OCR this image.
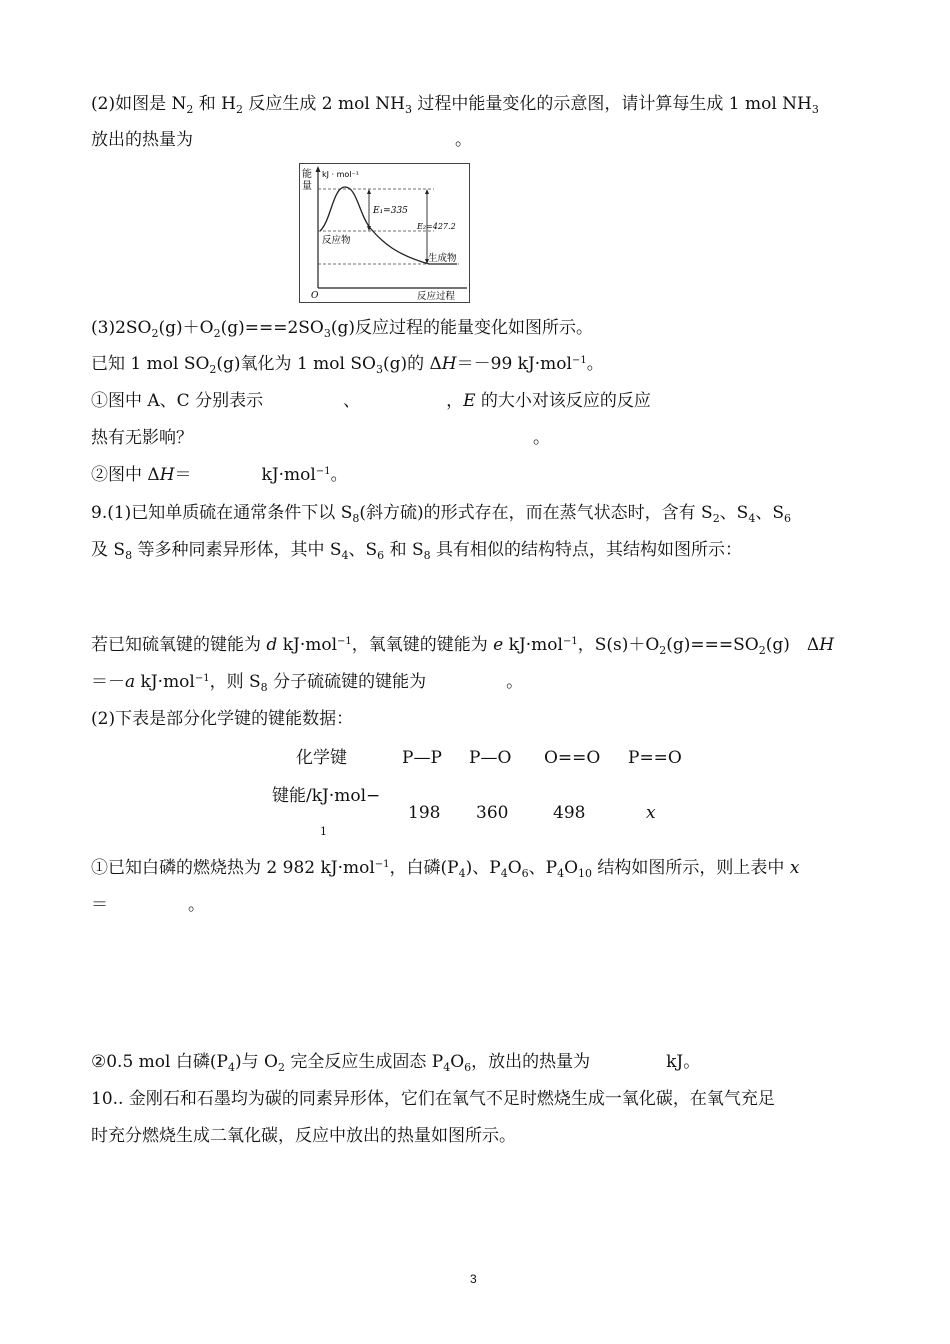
(2)如图是 $N_2$ 和 $H_2$ 反应生成 2 mol $NH_3$ 过程中能量变化的示意图，请计算每生成 1 mol $NH_3$
放出的热量为	。
能
量
kJ · mol⁻¹
E₁=335
E₂=427.2
反应物
生成物
O	反应过程
$(3)2SO_2(g)+O_2(g)===2SO_3(g)$反应过程的能量变化如图所示。
已知 1 mol $SO_2(g)$氧化为 1 mol $SO_3(g)$的 ΔH＝－99 kJ·mol$^{-1}$。
①图中 A、C 分别表示	、	，E 的大小对该反应的反应
热有无影响？	。
②图中 ΔH＝	kJ·mol$^{-1}$。
9.(1)已知单质硫在通常条件下以 $S_8$(斜方硫)的形式存在，而在蒸气状态时，含有 $S_2$、$S_4$、$S_6$
及 $S_8$ 等多种同素异形体，其中 $S_4$、$S_6$ 和 $S_8$ 具有相似的结构特点，其结构如图所示：
若已知硫氧键的键能为 d kJ·mol$^{-1}$，氧氧键的键能为 e kJ·mol$^{-1}$，$S(s)+O_2(g)===SO_2(g)$　ΔH
＝－a kJ·mol$^{-1}$，则 $S_8$ 分子硫硫键的键能为	。
(2)下表是部分化学键的键能数据：
化学键	P—P P—O O==O P==O
键能/kJ·mol−
1
198 360	498	x
①已知白磷的燃烧热为 2 982 kJ·mol$^{-1}$，白磷$(P_4)$、$P_4O_6$、$P_4O_{10}$ 结构如图所示，则上表中 x
＝	。
②0.5 mol 白磷$(P_4)$与 $O_2$ 完全反应生成固态 $P_4O_6$，放出的热量为	kJ。
10.. 金刚石和石墨均为碳的同素异形体，它们在氧气不足时燃烧生成一氧化碳，在氧气充足
时充分燃烧生成二氧化碳，反应中放出的热量如图所示。
3
